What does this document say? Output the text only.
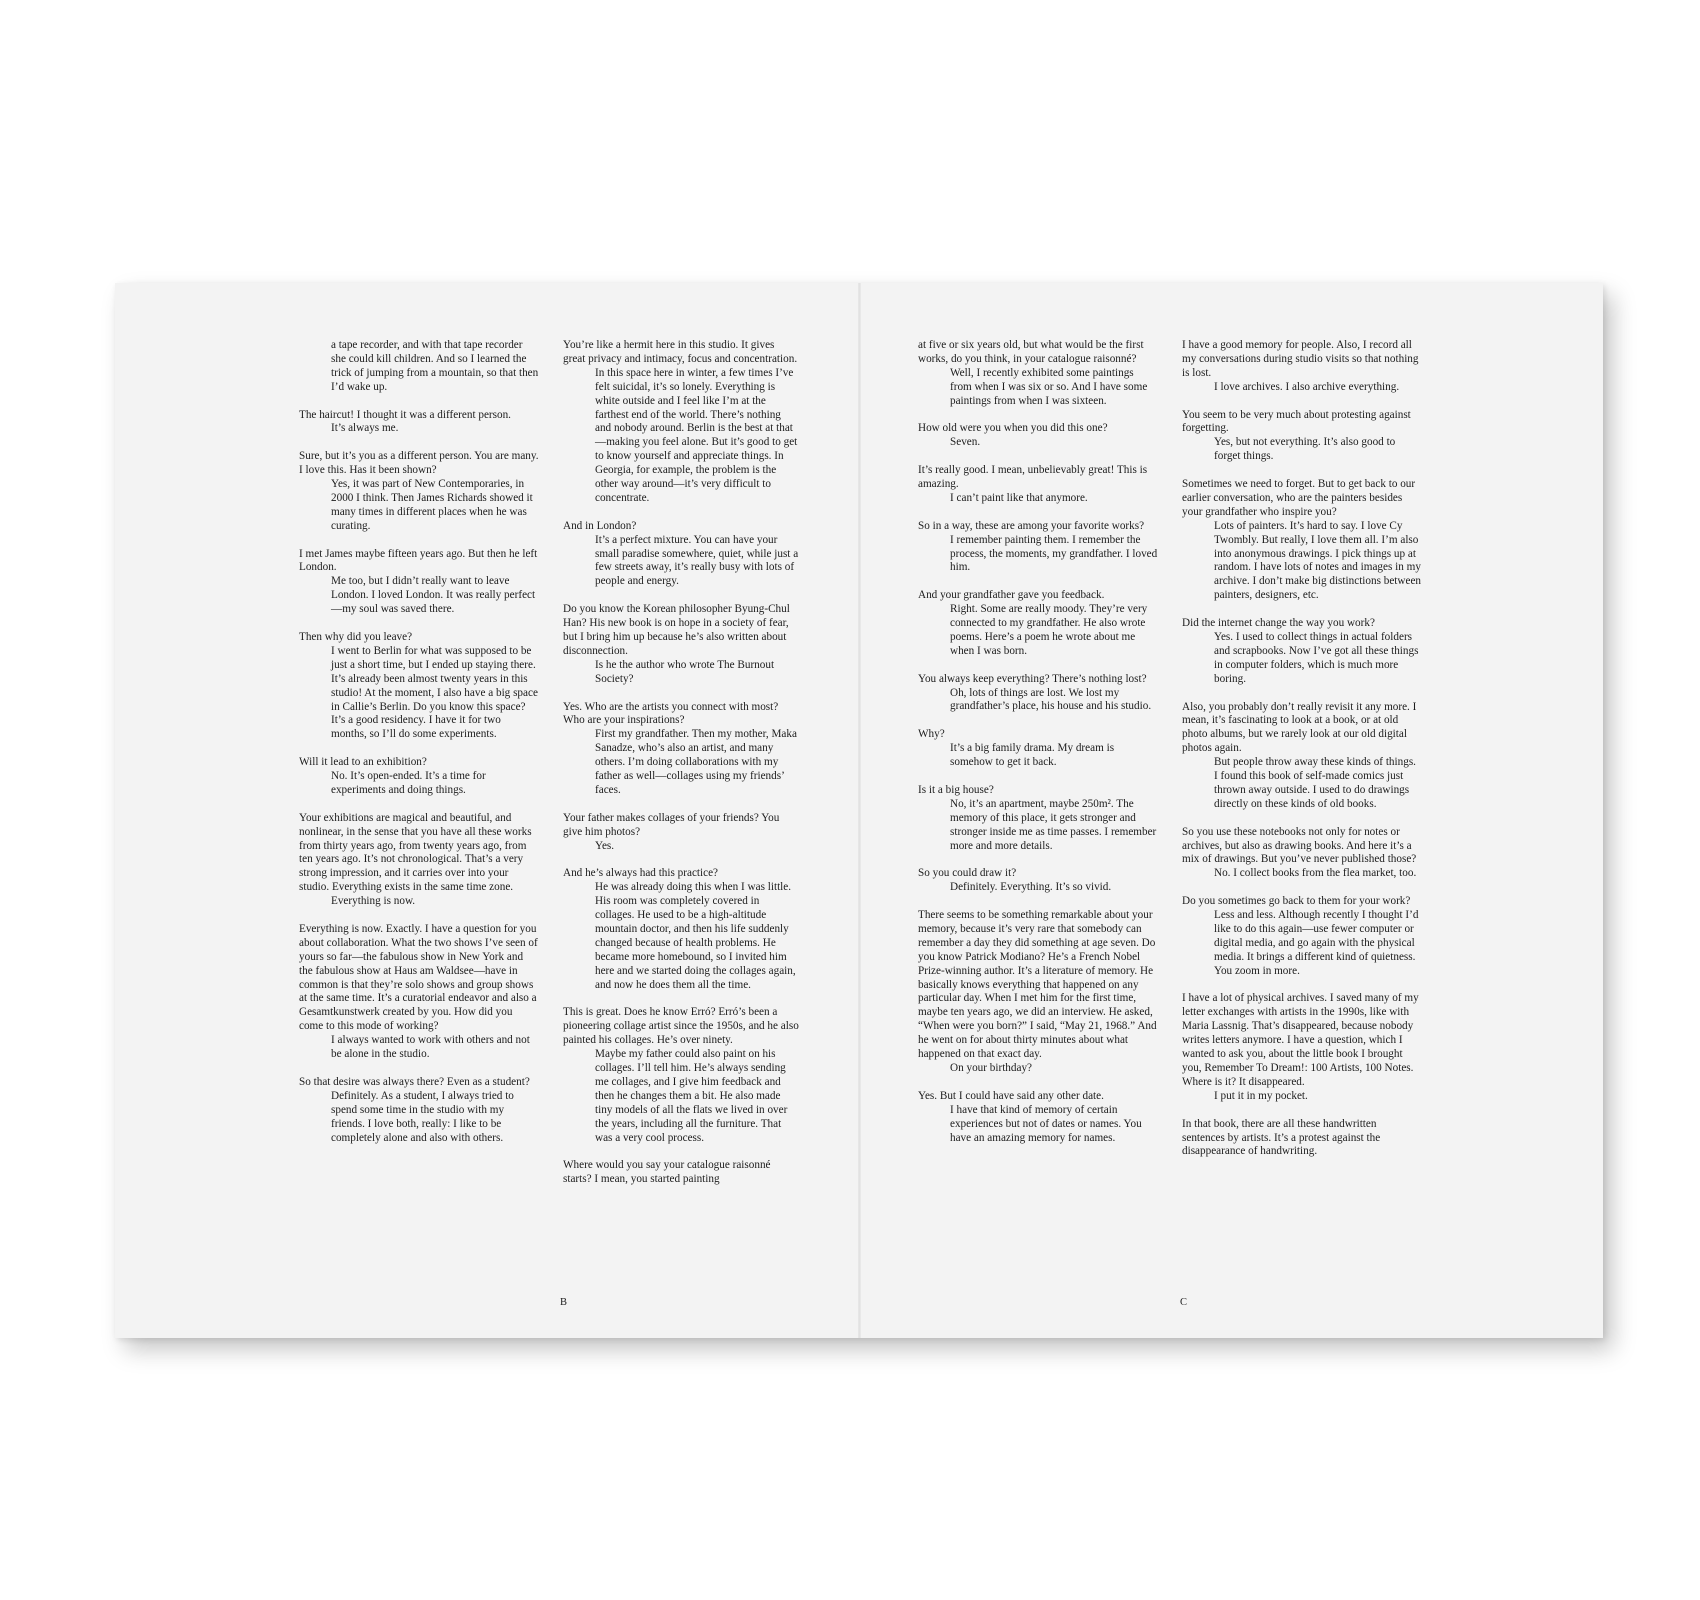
a tape recorder, and with that tape recorder she could kill children. And so I learned the trick of jumping from a mountain, so that then I’d wake up.

The haircut! I thought it was a different person.
It’s always me.

Sure, but it’s you as a different person. You are many. I love this. Has it been shown?
Yes, it was part of New Contemporaries, in 2000 I think. Then James Richards showed it many times in different places when he was curating.

I met James maybe fifteen years ago. But then he left London.
Me too, but I didn’t really want to leave London. I loved London. It was really perfect—my soul was saved there.

Then why did you leave?
I went to Berlin for what was supposed to be just a short time, but I ended up staying there. It’s already been almost twenty years in this studio! At the moment, I also have a big space in Callie’s Berlin. Do you know this space? It’s a good residency. I have it for two months, so I’ll do some experiments.

Will it lead to an exhibition?
No. It’s open-ended. It’s a time for experiments and doing things.

Your exhibitions are magical and beautiful, and nonlinear, in the sense that you have all these works from thirty years ago, from twenty years ago, from ten years ago. It’s not chronological. That’s a very strong impression, and it carries over into your studio. Everything exists in the same time zone.
Everything is now.

Everything is now. Exactly. I have a question for you about collaboration. What the two shows I’ve seen of yours so far—the fabulous show in New York and the fabulous show at Haus am Waldsee—have in common is that they’re solo shows and group shows at the same time. It’s a curatorial endeavor and also a Gesamtkunstwerk created by you. How did you come to this mode of working?
I always wanted to work with others and not be alone in the studio.

So that desire was always there? Even as a student?
Definitely. As a student, I always tried to spend some time in the studio with my friends. I love both, really: I like to be completely alone and also with others.

You’re like a hermit here in this studio. It gives great privacy and intimacy, focus and concentration.
In this space here in winter, a few times I’ve felt suicidal, it’s so lonely. Everything is white outside and I feel like I’m at the farthest end of the world. There’s nothing and nobody around. Berlin is the best at that—making you feel alone. But it’s good to get to know yourself and appreciate things. In Georgia, for example, the problem is the other way around—it’s very difficult to concentrate.

And in London?
It’s a perfect mixture. You can have your small paradise somewhere, quiet, while just a few streets away, it’s really busy with lots of people and energy.

Do you know the Korean philosopher Byung-Chul Han? His new book is on hope in a society of fear, but I bring him up because he’s also written about disconnection.
Is he the author who wrote The Burnout Society?

Yes. Who are the artists you connect with most? Who are your inspirations?
First my grandfather. Then my mother, Maka Sanadze, who’s also an artist, and many others. I’m doing collaborations with my father as well—collages using my friends’ faces.

Your father makes collages of your friends? You give him photos?
Yes.

And he’s always had this practice?
He was already doing this when I was little. His room was completely covered in collages. He used to be a high-altitude mountain doctor, and then his life suddenly changed because of health problems. He became more homebound, so I invited him here and we started doing the collages again, and now he does them all the time.

This is great. Does he know Erró? Erró’s been a pioneering collage artist since the 1950s, and he also painted his collages. He’s over ninety.
Maybe my father could also paint on his collages. I’ll tell him. He’s always sending me collages, and I give him feedback and then he changes them a bit. He also made tiny models of all the flats we lived in over the years, including all the furniture. That was a very cool process.

Where would you say your catalogue raisonné starts? I mean, you started painting

at five or six years old, but what would be the first works, do you think, in your catalogue raisonné?
Well, I recently exhibited some paintings from when I was six or so. And I have some paintings from when I was sixteen.

How old were you when you did this one?
Seven.

It’s really good. I mean, unbelievably great! This is amazing.
I can’t paint like that anymore.

So in a way, these are among your favorite works?
I remember painting them. I remember the process, the moments, my grandfather. I loved him.

And your grandfather gave you feedback.
Right. Some are really moody. They’re very connected to my grandfather. He also wrote poems. Here’s a poem he wrote about me when I was born.

You always keep everything? There’s nothing lost?
Oh, lots of things are lost. We lost my grandfather’s place, his house and his studio.

Why?
It’s a big family drama. My dream is somehow to get it back.

Is it a big house?
No, it’s an apartment, maybe 250m². The memory of this place, it gets stronger and stronger inside me as time passes. I remember more and more details.

So you could draw it?
Definitely. Everything. It’s so vivid.

There seems to be something remarkable about your memory, because it’s very rare that somebody can remember a day they did something at age seven. Do you know Patrick Modiano? He’s a French Nobel Prize-winning author. It’s a literature of memory. He basically knows everything that happened on any particular day. When I met him for the first time, maybe ten years ago, we did an interview. He asked, “When were you born?” I said, “May 21, 1968.” And he went on for about thirty minutes about what happened on that exact day.
On your birthday?

Yes. But I could have said any other date.
I have that kind of memory of certain experiences but not of dates or names. You have an amazing memory for names.

I have a good memory for people. Also, I record all my conversations during studio visits so that nothing is lost.
I love archives. I also archive everything.

You seem to be very much about protesting against forgetting.
Yes, but not everything. It’s also good to forget things.

Sometimes we need to forget. But to get back to our earlier conversation, who are the painters besides your grandfather who inspire you?
Lots of painters. It’s hard to say. I love Cy Twombly. But really, I love them all. I’m also into anonymous drawings. I pick things up at random. I have lots of notes and images in my archive. I don’t make big distinctions between painters, designers, etc.

Did the internet change the way you work?
Yes. I used to collect things in actual folders and scrapbooks. Now I’ve got all these things in computer folders, which is much more boring.

Also, you probably don’t really revisit it any more. I mean, it’s fascinating to look at a book, or at old photo albums, but we rarely look at our old digital photos again.
But people throw away these kinds of things. I found this book of self-made comics just thrown away outside. I used to do drawings directly on these kinds of old books.

So you use these notebooks not only for notes or archives, but also as drawing books. And here it’s a mix of drawings. But you’ve never published those?
No. I collect books from the flea market, too.

Do you sometimes go back to them for your work?
Less and less. Although recently I thought I’d like to do this again—use fewer computer or digital media, and go again with the physical media. It brings a different kind of quietness. You zoom in more.

I have a lot of physical archives. I saved many of my letter exchanges with artists in the 1990s, like with Maria Lassnig. That’s disappeared, because nobody writes letters anymore. I have a question, which I wanted to ask you, about the little book I brought you, Remember To Dream!: 100 Artists, 100 Notes. Where is it? It disappeared.
I put it in my pocket.

In that book, there are all these handwritten sentences by artists. It’s a protest against the disappearance of handwriting.

B	C
